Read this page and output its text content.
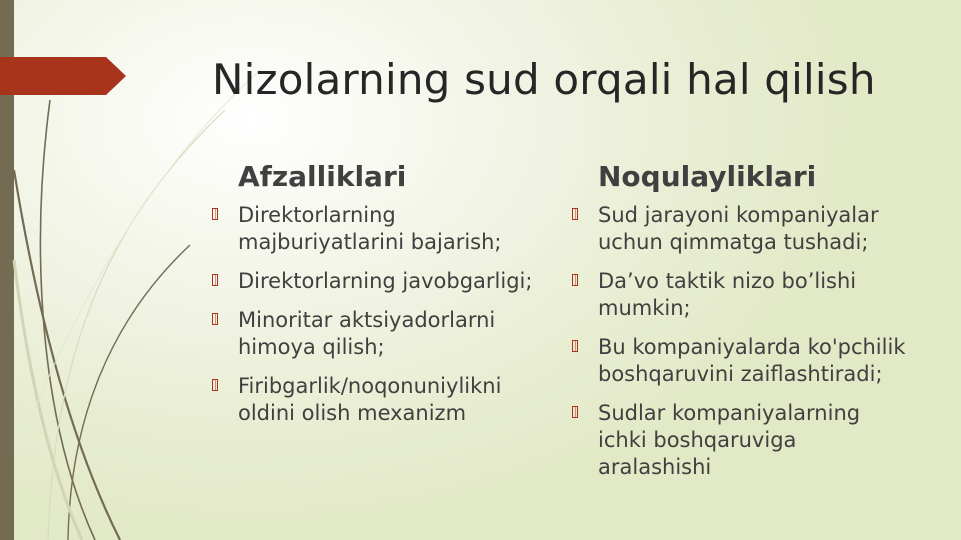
Nizolarning sud orqali hal qilish
Afzalliklari
Direktorlarning majburiyatlarini bajarish;
Direktorlarning javobgarligi;
Minoritar aktsiyadorlarni himoya qilish;
Firibgarlik/noqonuniylikni oldini olish mexanizm
Noqulayliklari
Sud jarayoni kompaniyalar uchun qimmatga tushadi;
Da’vo taktik nizo bo’lishi mumkin;
Bu kompaniyalarda ko'pchilik boshqaruvini zaiflashtiradi;
Sudlar kompaniyalarning ichki boshqaruviga aralashishi
